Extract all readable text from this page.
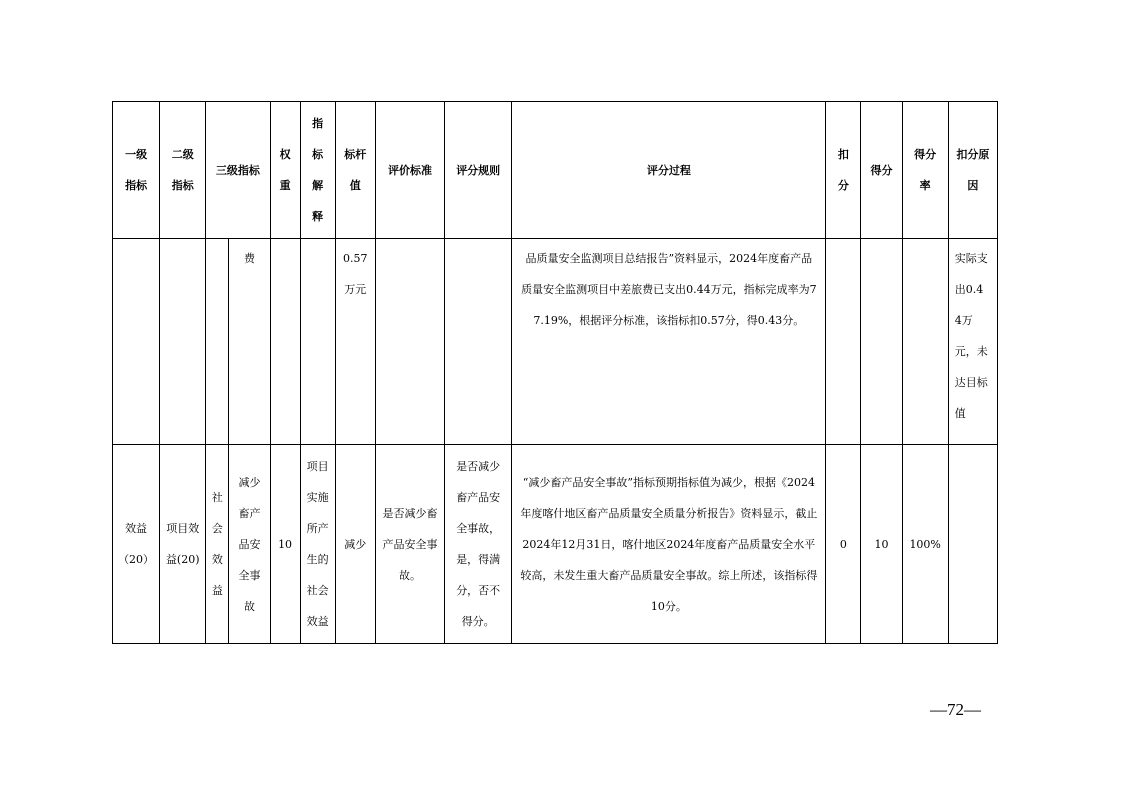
一级指标	二级指标	三级指标		权重	指标解释	标杆值	评价标准	评分规则	评分过程	扣分	得分	得分率	扣分原因
			费			0.57万元			品质量安全监测项目总结报告”资料显示，2024年度畜产品质量安全监测项目中差旅费已支出0.44万元，指标完成率为77.19%，根据评分标准，该指标扣0.57分，得0.43分。				实际支出0.44万元，未达目标值
效益（20）	项目效益(20)	社会效益	减少畜产品安全事故	10	项目实施所产生的社会效益	减少	是否减少畜产品安全事故。	是否减少畜产品安全事故，是，得满分，否不得分。	“减少畜产品安全事故”指标预期指标值为减少，根据《2024年度喀什地区畜产品质量安全质量分析报告》资料显示，截止2024年12月31日，喀什地区2024年度畜产品质量安全水平较高，未发生重大畜产品质量安全事故。综上所述，该指标得10分。	0	10	100%	
—72—
